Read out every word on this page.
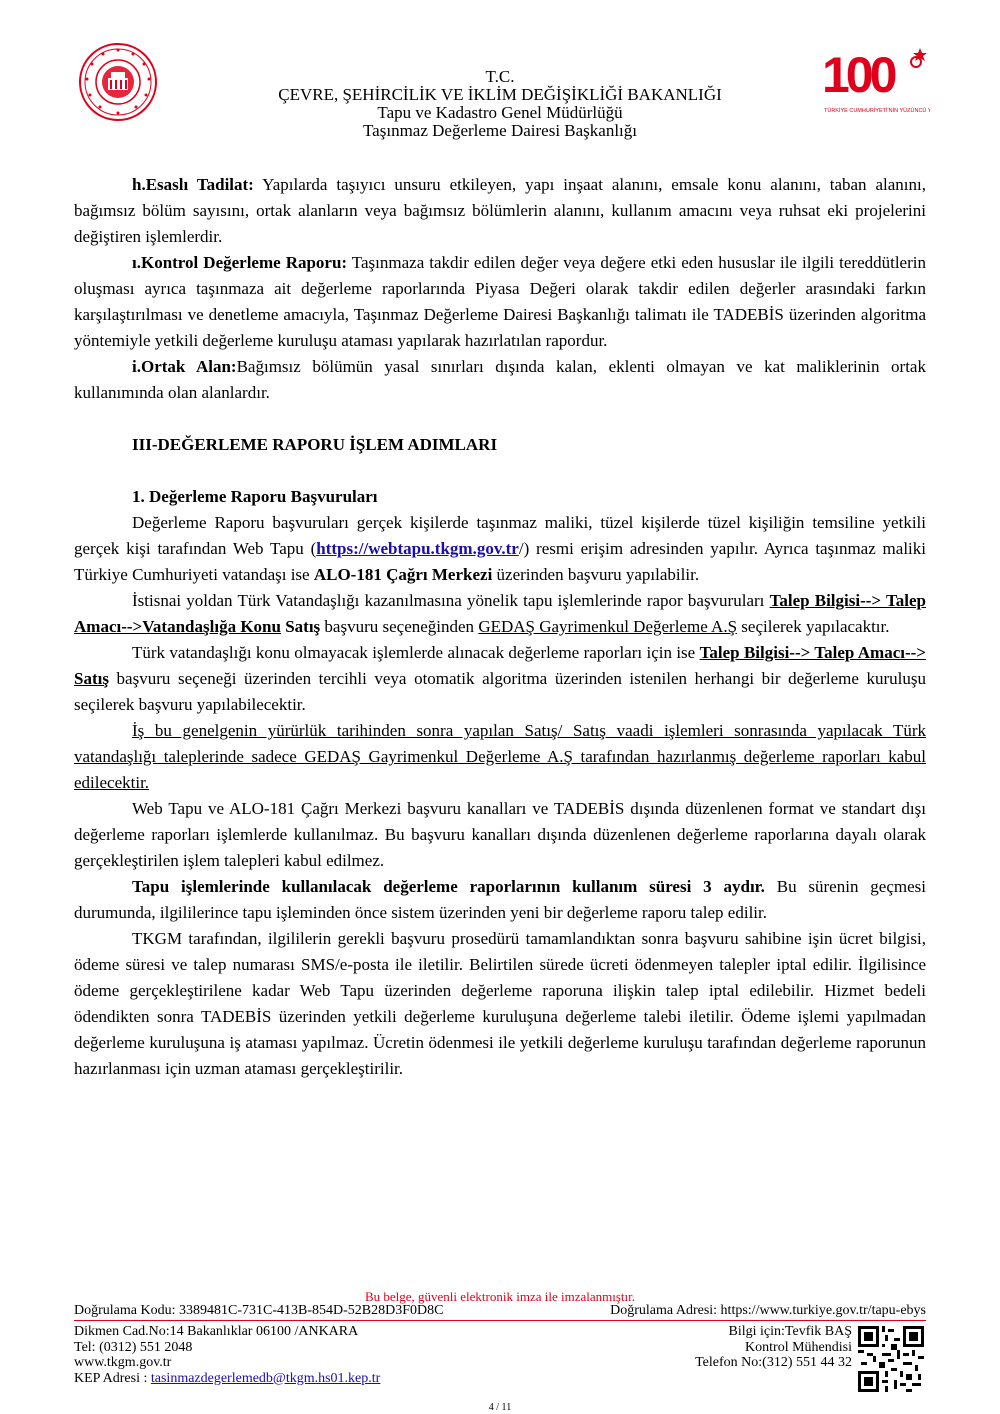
100
TÜRKİYE CUMHURİYETİ'NİN YÜZÜNCÜ YILI
T.C.
ÇEVRE, ŞEHİRCİLİK VE İKLİM DEĞİŞİKLİĞİ BAKANLIĞI
Tapu ve Kadastro Genel Müdürlüğü
Taşınmaz Değerleme Dairesi Başkanlığı

h.Esaslı Tadilat: Yapılarda taşıyıcı unsuru etkileyen, yapı inşaat alanını, emsale konu alanını, taban alanını, bağımsız bölüm sayısını, ortak alanların veya bağımsız bölümlerin alanını, kullanım amacını veya ruhsat eki projelerini değiştiren işlemlerdir.

ı.Kontrol Değerleme Raporu: Taşınmaza takdir edilen değer veya değere etki eden hususlar ile ilgili tereddütlerin oluşması ayrıca taşınmaza ait değerleme raporlarında Piyasa Değeri olarak takdir edilen değerler arasındaki farkın karşılaştırılması ve denetleme amacıyla, Taşınmaz Değerleme Dairesi Başkanlığı talimatı ile TADEBİS üzerinden algoritma yöntemiyle yetkili değerleme kuruluşu ataması yapılarak hazırlatılan rapordur.

i.Ortak Alan:Bağımsız bölümün yasal sınırları dışında kalan, eklenti olmayan ve kat maliklerinin ortak kullanımında olan alanlardır.

III-DEĞERLEME RAPORU İŞLEM ADIMLARI
1. Değerleme Raporu Başvuruları

Değerleme Raporu başvuruları gerçek kişilerde taşınmaz maliki, tüzel kişilerde tüzel kişiliğin temsiline yetkili gerçek kişi tarafından Web Tapu (https://webtapu.tkgm.gov.tr/) resmi erişim adresinden yapılır. Ayrıca taşınmaz maliki Türkiye Cumhuriyeti vatandaşı ise ALO-181 Çağrı Merkezi üzerinden başvuru yapılabilir.

İstisnai yoldan Türk Vatandaşlığı kazanılmasına yönelik tapu işlemlerinde rapor başvuruları Talep Bilgisi--> Talep Amacı-->Vatandaşlığa Konu Satış başvuru seçeneğinden GEDAŞ Gayrimenkul Değerleme A.Ş seçilerek yapılacaktır.

Türk vatandaşlığı konu olmayacak işlemlerde alınacak değerleme raporları için ise Talep Bilgisi--> Talep Amacı--> Satış başvuru seçeneği üzerinden tercihli veya otomatik algoritma üzerinden istenilen herhangi bir değerleme kuruluşu seçilerek başvuru yapılabilecektir.

İş bu genelgenin yürürlük tarihinden sonra yapılan Satış/ Satış vaadi işlemleri sonrasında yapılacak Türk vatandaşlığı taleplerinde sadece GEDAŞ Gayrimenkul Değerleme A.Ş tarafından hazırlanmış değerleme raporları kabul edilecektir.

Web Tapu ve ALO-181 Çağrı Merkezi başvuru kanalları ve TADEBİS dışında düzenlenen format ve standart dışı değerleme raporları işlemlerde kullanılmaz. Bu başvuru kanalları dışında düzenlenen değerleme raporlarına dayalı olarak gerçekleştirilen işlem talepleri kabul edilmez.

Tapu işlemlerinde kullanılacak değerleme raporlarının kullanım süresi 3 aydır. Bu sürenin geçmesi durumunda, ilgililerince tapu işleminden önce sistem üzerinden yeni bir değerleme raporu talep edilir.

TKGM tarafından, ilgililerin gerekli başvuru prosedürü tamamlandıktan sonra başvuru sahibine işin ücret bilgisi, ödeme süresi ve talep numarası SMS/e-posta ile iletilir. Belirtilen sürede ücreti ödenmeyen talepler iptal edilir. İlgilisince ödeme gerçekleştirilene kadar Web Tapu üzerinden değerleme raporuna ilişkin talep iptal edilebilir. Hizmet bedeli ödendikten sonra TADEBİS üzerinden yetkili değerleme kuruluşuna değerleme talebi iletilir. Ödeme işlemi yapılmadan değerleme kuruluşuna iş ataması yapılmaz. Ücretin ödenmesi ile yetkili değerleme kuruluşu tarafından değerleme raporunun hazırlanması için uzman ataması gerçekleştirilir.

Bu belge, güvenli elektronik imza ile imzalanmıştır.
Doğrulama Kodu: 3389481C-731C-413B-854D-52B28D3F0D8C	Doğrulama Adresi: https://www.turkiye.gov.tr/tapu-ebys
Dikmen Cad.No:14 Bakanlıklar 06100 /ANKARA
Tel: (0312) 551 2048
www.tkgm.gov.tr
KEP Adresi : tasinmazdegerlemedb@tkgm.hs01.kep.tr
Bilgi için:Tevfik BAŞ
Kontrol Mühendisi
Telefon No:(312) 551 44 32
4 / 11
